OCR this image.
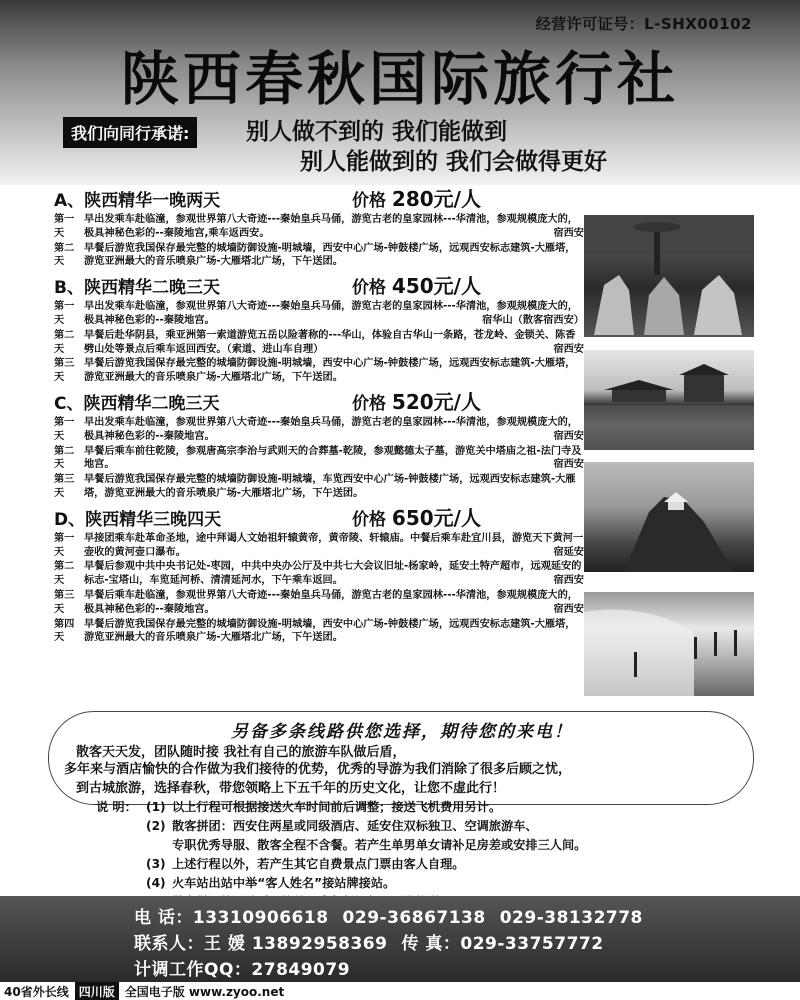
经营许可证号：L-SHX00102
陕西春秋国际旅行社
我们向同行承诺:	别人做不到的 我们能做到
别人能做到的 我们会做得更好
A、陕西精华一晚两天	价格 280元/人
第一天
早出发乘车赴临潼，参观世界第八大奇迹---秦始皇兵马俑，游览古老的皇家园林---华清池，参观规模庞大的，极具神秘色彩的--秦陵地宫,乘车返西安。	宿西安
第二天
早餐后游览我国保存最完整的城墙防御设施-明城墙，西安中心广场-钟鼓楼广场，远观西安标志建筑-大雁塔，游览亚洲最大的音乐喷泉广场-大雁塔北广场，下午送团。
B、陕西精华二晚三天	价格 450元/人
第一天
早出发乘车赴临潼，参观世界第八大奇迹---秦始皇兵马俑，游览古老的皇家园林---华清池，参观规模庞大的，极具神秘色彩的--秦陵地宫。	宿华山（散客宿西安）
第二天
早餐后赴华阴县，乘亚洲第一索道游览五岳以险著称的---华山，体验自古华山一条路，苍龙岭、金锁关、陈香劈山处等景点后乘车返回西安。（索道、进山车自理）	宿西安
第三天
早餐后游览我国保存最完整的城墙防御设施-明城墙，西安中心广场-钟鼓楼广场，远观西安标志建筑-大雁塔，游览亚洲最大的音乐喷泉广场-大雁塔北广场，下午送团。
C、陕西精华二晚三天	价格 520元/人
第一天
早出发乘车赴临潼，参观世界第八大奇迹---秦始皇兵马俑，游览古老的皇家园林---华清池，参观规模庞大的，极具神秘色彩的--秦陵地宫。	宿西安
第二天
早餐后乘车前往乾陵，参观唐高宗李治与武则天的合葬墓-乾陵，参观懿德太子墓，游览关中塔庙之祖-法门寺及地宫。	宿西安
第三天
早餐后游览我国保存最完整的城墙防御设施-明城墙，车览西安中心广场-钟鼓楼广场，远观西安标志建筑-大雁塔，游览亚洲最大的音乐喷泉广场-大雁塔北广场，下午送团。
D、陕西精华三晚四天	价格 650元/人
第一天
早接团乘车赴革命圣地，途中拜谒人文始祖轩辕黄帝，黄帝陵、轩辕庙。中餐后乘车赴宜川县，游览天下黄河一壶收的黄河壶口瀑布。	宿延安
第二天
早餐后参观中共中央书记处-枣园，中共中央办公厅及中共七大会议旧址-杨家岭，延安土特产超市，远观延安的标志-宝塔山，车览延河桥、清清延河水，下午乘车返回。	宿西安
第三天
早餐后乘车赴临潼，参观世界第八大奇迹---秦始皇兵马俑，游览古老的皇家园林---华清池，参观规模庞大的，极具神秘色彩的--秦陵地宫。	宿西安
第四天
早餐后游览我国保存最完整的城墙防御设施-明城墙，西安中心广场-钟鼓楼广场，远观西安标志建筑-大雁塔，游览亚洲最大的音乐喷泉广场-大雁塔北广场，下午送团。
另备多条线路供您选择，期待您的来电！
散客天天发，团队随时接 我社有自己的旅游车队做后盾，
多年来与酒店愉快的合作做为我们接待的优势，优秀的导游为我们消除了很多后顾之忧，
到古城旅游，选择春秋，带您领略上下五千年的历史文化，让您不虚此行！
说 明： (1) 以上行程可根据接送火车时间前后调整；接送飞机费用另计。
(2) 散客拼团：西安住两星或同级酒店、延安住双标独卫、空调旅游车、
专职优秀导服、散客全程不含餐。若产生单男单女请补足房差或安排三人间。
(3) 上述行程以外，若产生其它自费景点门票由客人自理。
(4) 火车站出站中举“客人姓名”接站牌接站。
电 话：13310906618 029-36867138 029-38132778
联系人：王 媛 13892958369 传 真：029-33757772
计调工作QQ：27849079
40省外长线 四川版 全国电子版 www.zyoo.net
